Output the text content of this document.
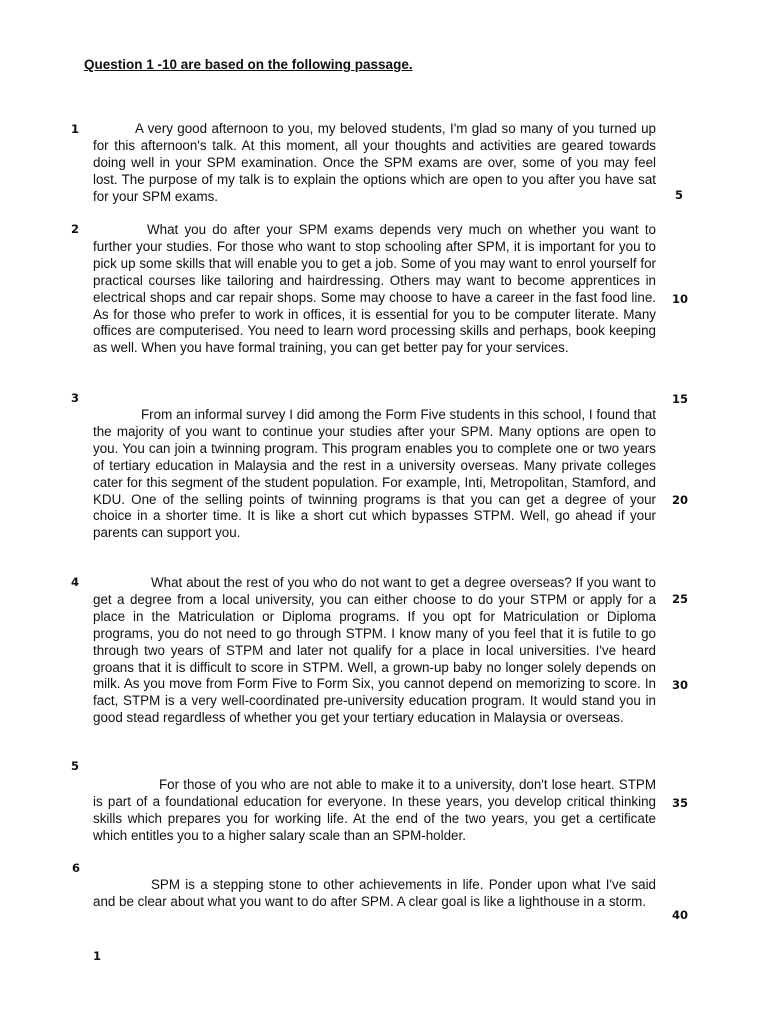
Question 1 -10 are based on the following passage.
1
2
3
4
5
6

A very good afternoon to you, my beloved students, I'm glad so many of you turned up for this afternoon's talk. At this moment, all your thoughts and activities are geared towards doing well in your SPM examination. Once the SPM exams are over, some of you may feel lost. The purpose of my talk is to explain the options which are open to you after you have sat for your SPM exams.

What you do after your SPM exams depends very much on whether you want to further your studies. For those who want to stop schooling after SPM, it is important for you to pick up some skills that will enable you to get a job. Some of you may want to enrol yourself for practical courses like tailoring and hairdressing. Others may want to become apprentices in electrical shops and car repair shops. Some may choose to have a career in the fast food line. As for those who prefer to work in offices, it is essential for you to be computer literate. Many offices are computerised. You need to learn word processing skills and perhaps, book keeping as well. When you have formal training, you can get better pay for your services.

From an informal survey I did among the Form Five students in this school, I found that the majority of you want to continue your studies after your SPM. Many options are open to you. You can join a twinning program. This program enables you to complete one or two years of tertiary education in Malaysia and the rest in a university overseas. Many private colleges cater for this segment of the student population. For example, Inti, Metropolitan, Stamford, and KDU. One of the selling points of twinning programs is that you can get a degree of your choice in a shorter time. It is like a short cut which bypasses STPM. Well, go ahead if your parents can support you.

What about the rest of you who do not want to get a degree overseas? If you want to get a degree from a local university, you can either choose to do your STPM or apply for a place in the Matriculation or Diploma programs. If you opt for Matriculation or Diploma programs, you do not need to go through STPM. I know many of you feel that it is futile to go through two years of STPM and later not qualify for a place in local universities. I've heard groans that it is difficult to score in STPM. Well, a grown-up baby no longer solely depends on milk. As you move from Form Five to Form Six, you cannot depend on memorizing to score. In fact, STPM is a very well-coordinated pre-university education program. It would stand you in good stead regardless of whether you get your tertiary education in Malaysia or overseas.

For those of you who are not able to make it to a university, don't lose heart. STPM is part of a foundational education for everyone. In these years, you develop critical thinking skills which prepares you for working life. At the end of the two years, you get a certificate which entitles you to a higher salary scale than an SPM-holder.

SPM is a stepping stone to other achievements in life. Ponder upon what I've said and be clear about what you want to do after SPM. A clear goal is like a lighthouse in a storm.

5
10
15
20
25
30
35
40
1
